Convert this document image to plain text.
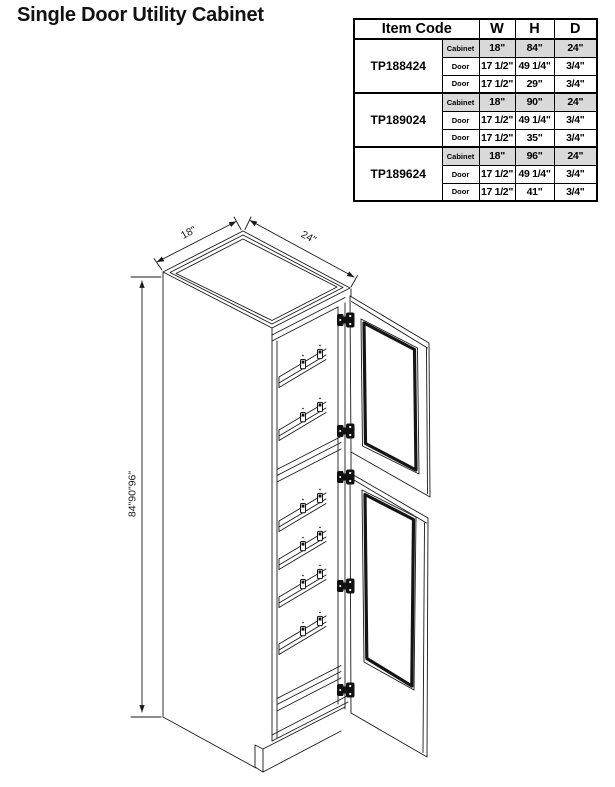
Single Door Utility Cabinet
Item Code		W	H	D
TP188424	Cabinet	18"	84"	24"
	Door	17 1/2"	49 1/4"	3/4"
	Door	17 1/2"	29"	3/4"
TP189024	Cabinet	18"	90"	24"
	Door	17 1/2"	49 1/4"	3/4"
	Door	17 1/2"	35"	3/4"
TP189624	Cabinet	18"	96"	24"
	Door	17 1/2"	49 1/4"	3/4"
	Door	17 1/2"	41"	3/4"
18"	24"
84"90"96"
